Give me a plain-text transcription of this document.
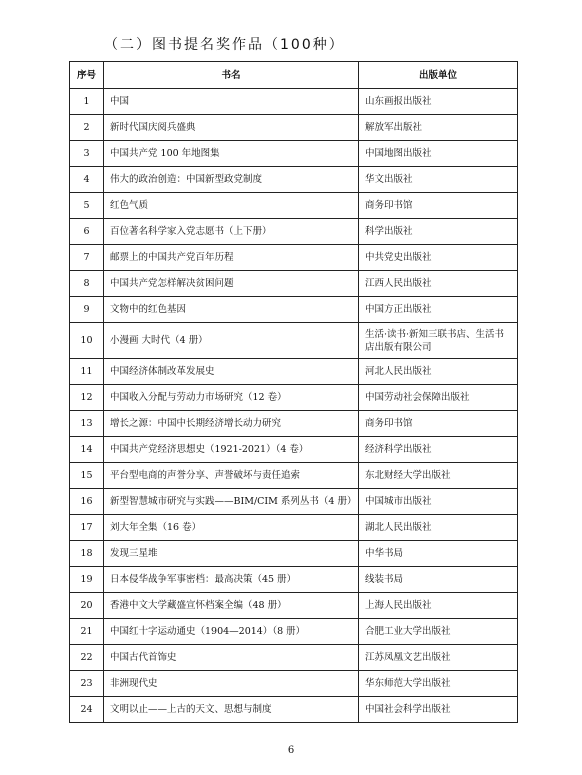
（二）图书提名奖作品（100种）
序号	书名	出版单位
1	中国	山东画报出版社
2	新时代国庆阅兵盛典	解放军出版社
3	中国共产党 100 年地图集	中国地图出版社
4	伟大的政治创造：中国新型政党制度	华文出版社
5	红色气质	商务印书馆
6	百位著名科学家入党志愿书（上下册）	科学出版社
7	邮票上的中国共产党百年历程	中共党史出版社
8	中国共产党怎样解决贫困问题	江西人民出版社
9	文物中的红色基因	中国方正出版社
10	小漫画 大时代（4 册）	生活·读书·新知三联书店、生活书店出版有限公司
11	中国经济体制改革发展史	河北人民出版社
12	中国收入分配与劳动力市场研究（12 卷）	中国劳动社会保障出版社
13	增长之源：中国中长期经济增长动力研究	商务印书馆
14	中国共产党经济思想史（1921-2021）（4 卷）	经济科学出版社
15	平台型电商的声誉分享、声誉破坏与责任追索	东北财经大学出版社
16	新型智慧城市研究与实践——BIM/CIM 系列丛书（4 册）	中国城市出版社
17	刘大年全集（16 卷）	湖北人民出版社
18	发现三星堆	中华书局
19	日本侵华战争军事密档：最高决策（45 册）	线装书局
20	香港中文大学藏盛宣怀档案全编（48 册）	上海人民出版社
21	中国红十字运动通史（1904—2014）（8 册）	合肥工业大学出版社
22	中国古代首饰史	江苏凤凰文艺出版社
23	非洲现代史	华东师范大学出版社
24	文明以止——上古的天文、思想与制度	中国社会科学出版社
6
